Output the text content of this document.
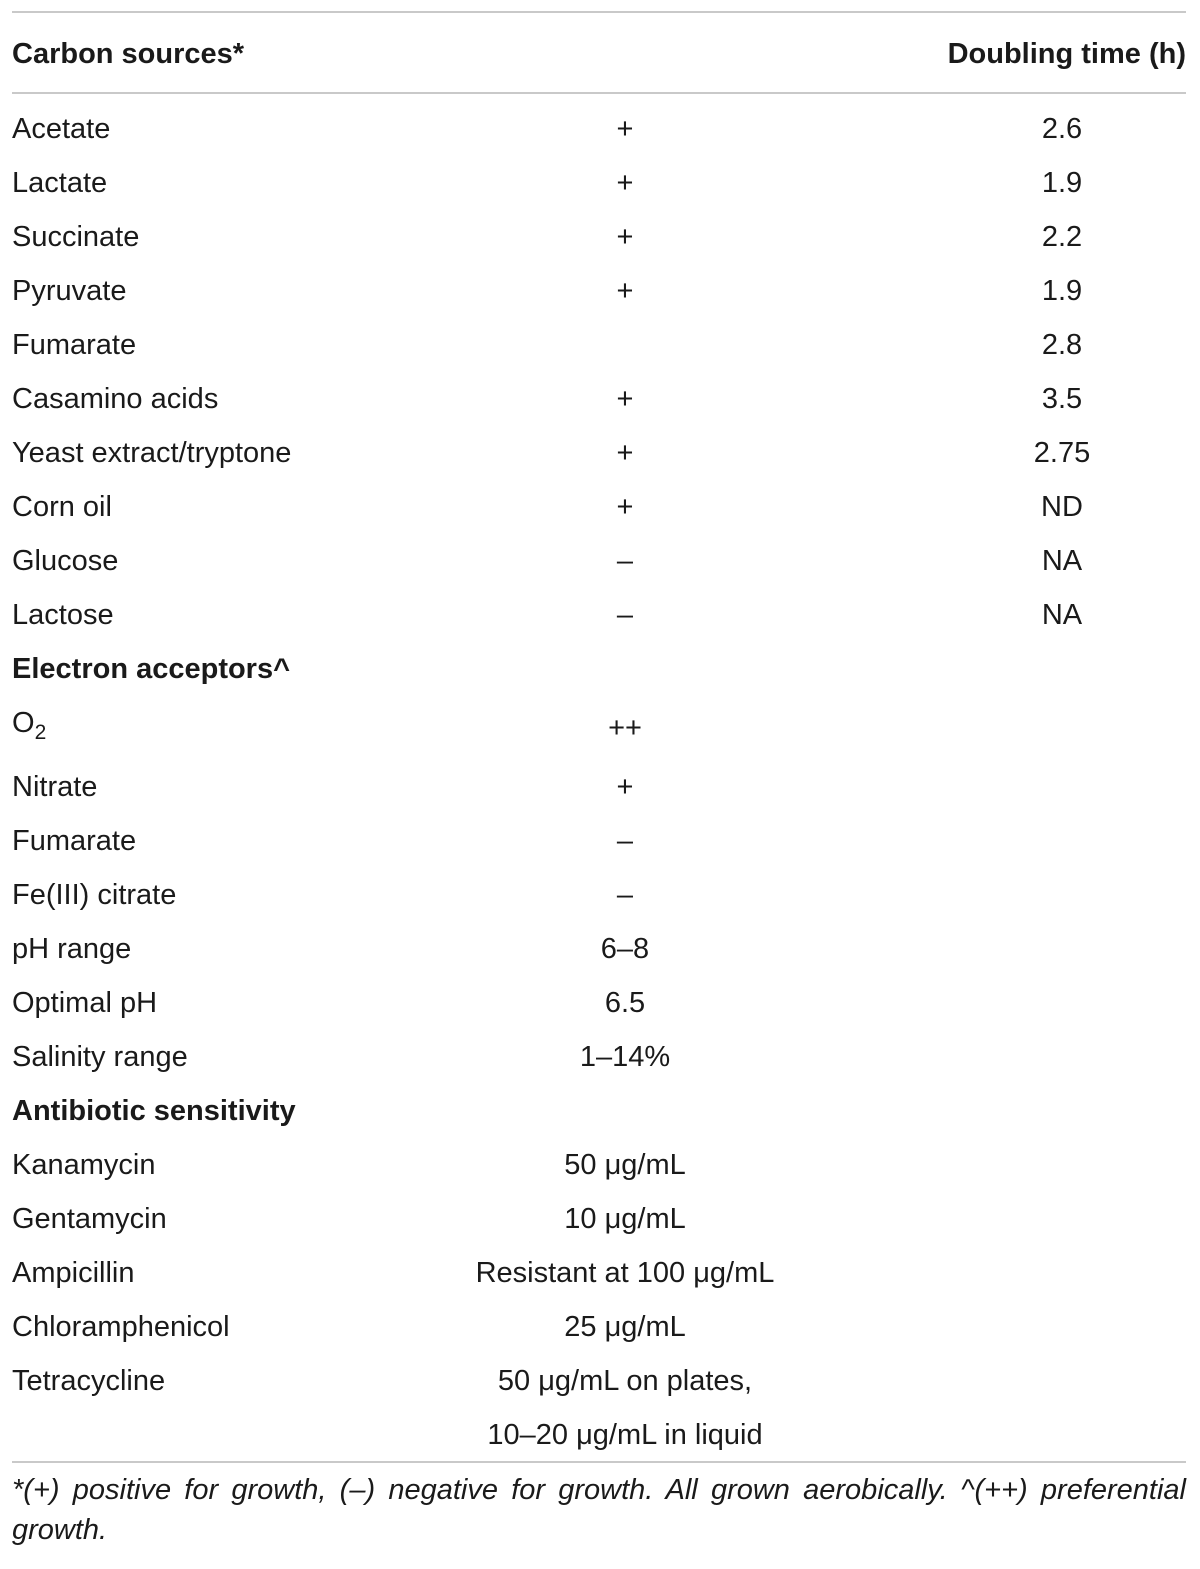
Carbon sources*		Doubling time (h)
Acetate	+	2.6
Lactate	+	1.9
Succinate	+	2.2
Pyruvate	+	1.9
Fumarate		2.8
Casamino acids	+	3.5
Yeast extract/tryptone	+	2.75
Corn oil	+	ND
Glucose	–	NA
Lactose	–	NA
Electron acceptors^		
$O_2$	++	
Nitrate	+	
Fumarate	–	
Fe(III) citrate	–	
pH range	6–8	
Optimal pH	6.5	
Salinity range	1–14%	
Antibiotic sensitivity		
Kanamycin	50 μg/mL	
Gentamycin	10 μg/mL	
Ampicillin	Resistant at 100 μg/mL	
Chloramphenicol	25 μg/mL	
Tetracycline	50 μg/mL on plates,
10–20 μg/mL in liquid	

*(+) positive for growth, (–) negative for growth. All grown aerobically. ^(++) preferential growth.
